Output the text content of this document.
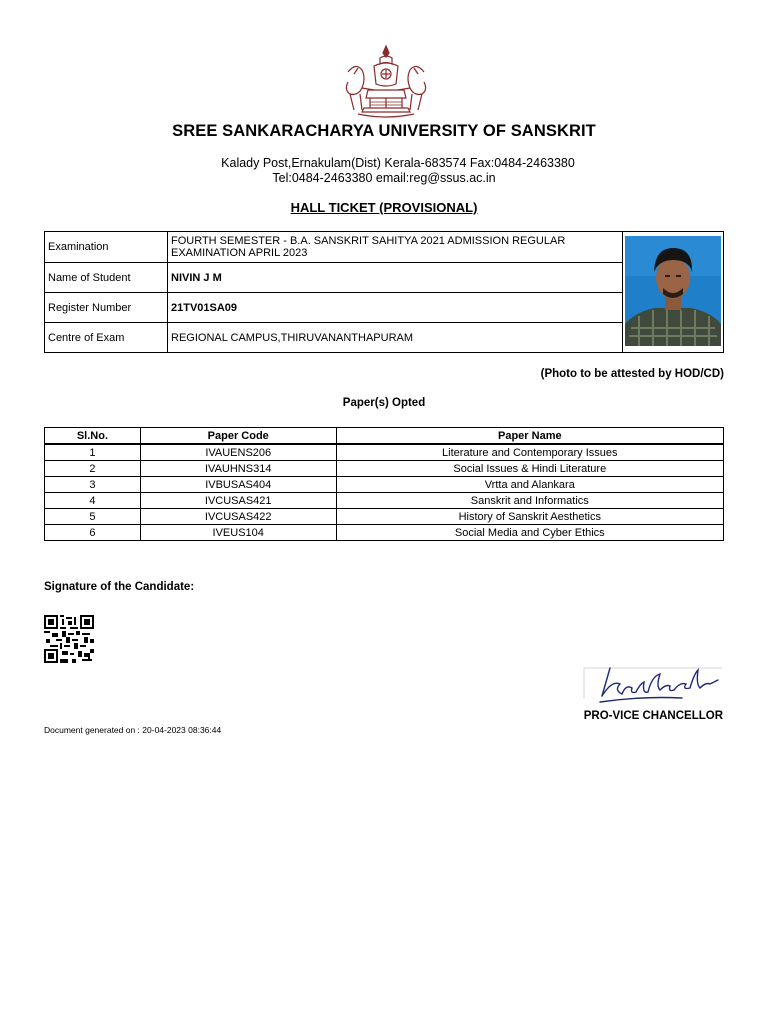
SREE SANKARACHARYA UNIVERSITY OF SANSKRIT
Kalady Post,Ernakulam(Dist) Kerala-683574 Fax:0484-2463380
Tel:0484-2463380 email:reg@ssus.ac.in
HALL TICKET (PROVISIONAL)
Examination	FOURTH SEMESTER - B.A. SANSKRIT SAHITYA 2021 ADMISSION REGULAR EXAMINATION APRIL 2023	

Name of Student	NIVIN J M	
Register Number	21TV01SA09	
Centre of Exam	REGIONAL CAMPUS,THIRUVANANTHAPURAM	
(Photo to be attested by HOD/CD)
Paper(s) Opted
Sl.No.	Paper Code	Paper Name
1	IVAUENS206	Literature and Contemporary Issues
2	IVAUHNS314	Social Issues & Hindi Literature
3	IVBUSAS404	Vrtta and Alankara
4	IVCUSAS421	Sanskrit and Informatics
5	IVCUSAS422	History of Sanskrit Aesthetics
6	IVEUS104	Social Media and Cyber Ethics
Signature of the Candidate:
PRO-VICE CHANCELLOR
Document generated on : 20-04-2023 08:36:44
